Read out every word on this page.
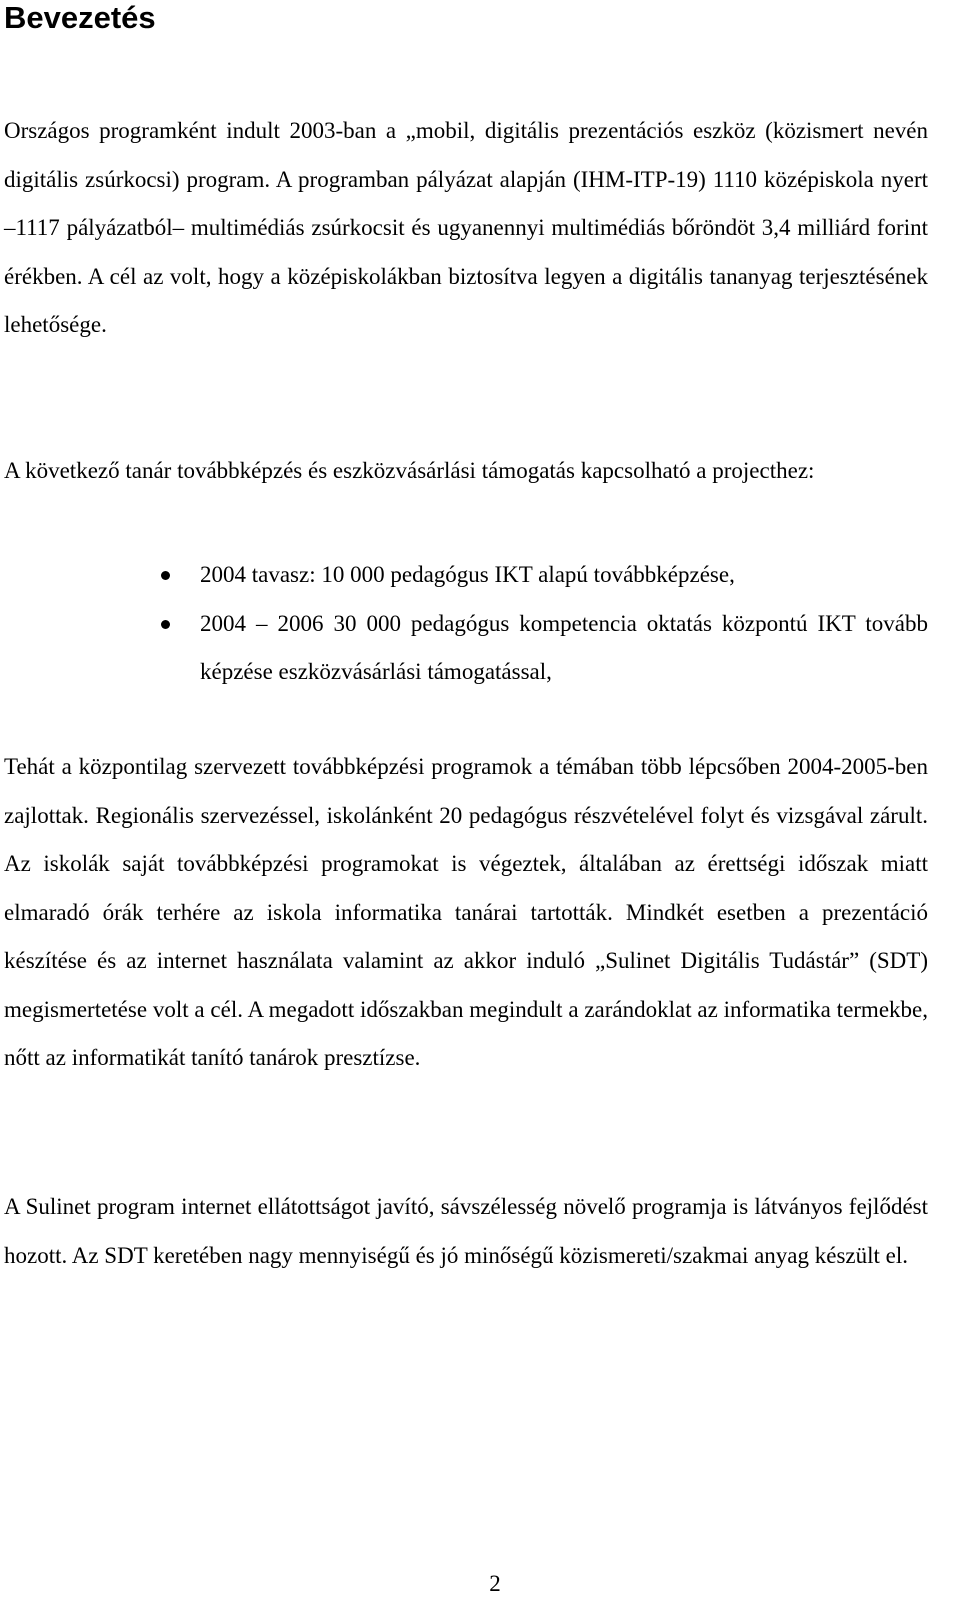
Bevezetés

Országos programként indult 2003-ban a „mobil, digitális prezentációs eszköz (közismert nevén digitális zsúrkocsi) program. A programban pályázat alapján (IHM-ITP-19) 1110 középiskola nyert –1117 pályázatból– multimédiás zsúrkocsit és ugyanennyi multimédiás bőröndöt 3,4 milliárd forint érékben. A cél az volt, hogy a középiskolákban biztosítva legyen a digitális tananyag terjesztésének lehetősége.

A következő tanár továbbképzés és eszközvásárlási támogatás kapcsolható a projecthez:

2004 tavasz: 10 000 pedagógus IKT alapú továbbképzése,
2004 – 2006 30 000 pedagógus kompetencia oktatás központú IKT tovább képzése eszközvásárlási támogatással,

Tehát a központilag szervezett továbbképzési programok a témában több lépcsőben 2004-2005-ben zajlottak. Regionális szervezéssel, iskolánként 20 pedagógus részvételével folyt és vizsgával zárult. Az iskolák saját továbbképzési programokat is végeztek, általában az érettségi időszak miatt elmaradó órák terhére az iskola informatika tanárai tartották. Mindkét esetben a prezentáció készítése és az internet használata valamint az akkor induló „Sulinet Digitális Tudástár” (SDT) megismertetése volt a cél. A megadott időszakban megindult a zarándoklat az informatika termekbe, nőtt az informatikát tanító tanárok presztízse.

A Sulinet program internet ellátottságot javító, sávszélesség növelő programja is látványos fejlődést hozott. Az SDT keretében nagy mennyiségű és jó minőségű közismereti/szakmai anyag készült el.

2
